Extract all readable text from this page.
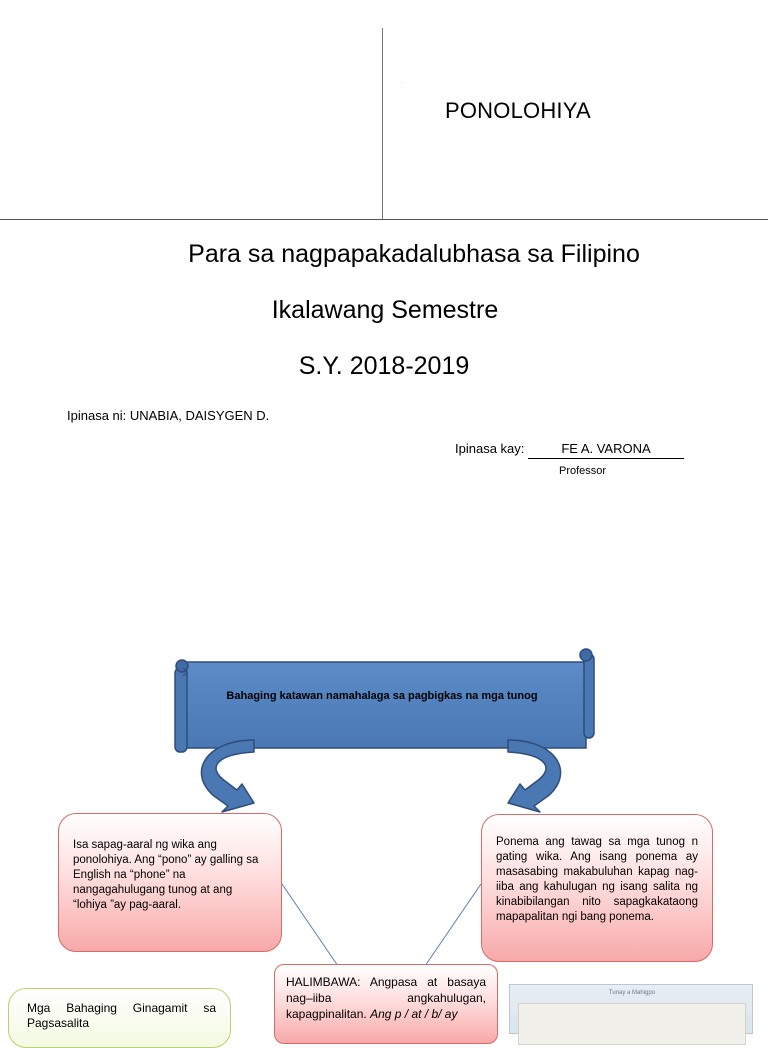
·
PONOLOHIYA
Para sa nagpapakadalubhasa sa Filipino
Ikalawang Semestre
S.Y. 2018-2019
Ipinasa ni: UNABIA, DAISYGEN D.
Ipinasa kay:	FE A. VARONA
Professor
Bahaging katawan namahalaga sa pagbigkas na mga tunog
Isa sapag-aaral ng wika ang ponolohiya. Ang “pono” ay galling sa English na “phone” na nangagahulugang tunog at ang “lohiya ”ay pag-aaral.
Ponema ang tawag sa mga tunog n gating wika. Ang isang ponema ay masasabing makabuluhan kapag nag-iiba ang kahulugan ng isang salita ng kinabibilangan nito sapagkakataong mapapalitan ngi bang ponema.
HALIMBAWA: Angpasa at basaya nag–iiba angkahulugan, kapagpinalitan. Ang p / at / b/ ay
Mga Bahaging Ginagamit sa Pagsasalita
Tunay a Mahigpo
